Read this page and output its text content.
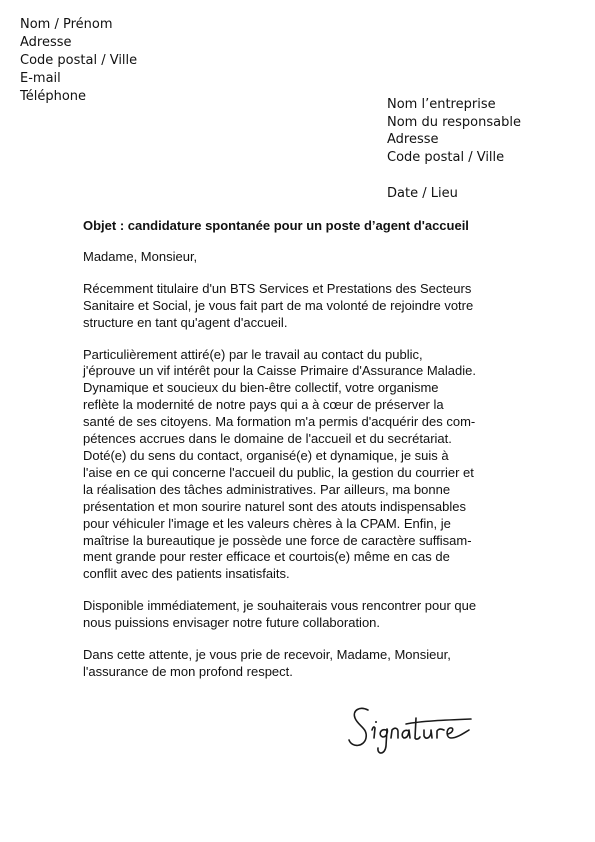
Nom / Prénom
Adresse
Code postal / Ville
E-mail
Téléphone
Nom l’entreprise
Nom du responsable
Adresse
Code postal / Ville
Date / Lieu
Objet : candidature spontanée pour un poste d’agent d'accueil
Madame, Monsieur,
Récemment titulaire d'un BTS Services et Prestations des Secteurs
Sanitaire et Social, je vous fait part de ma volonté de rejoindre votre
structure en tant qu'agent d'accueil.
Particulièrement attiré(e) par le travail au contact du public,
j'éprouve un vif intérêt pour la Caisse Primaire d'Assurance Maladie.
Dynamique et soucieux du bien-être collectif, votre organisme
reflète la modernité de notre pays qui a à cœur de préserver la
santé de ses citoyens. Ma formation m'a permis d'acquérir des com-
pétences accrues dans le domaine de l'accueil et du secrétariat.
Doté(e) du sens du contact, organisé(e) et dynamique, je suis à
l'aise en ce qui concerne l'accueil du public, la gestion du courrier et
la réalisation des tâches administratives. Par ailleurs, ma bonne
présentation et mon sourire naturel sont des atouts indispensables
pour véhiculer l'image et les valeurs chères à la CPAM. Enfin, je
maîtrise la bureautique je possède une force de caractère suffisam-
ment grande pour rester efficace et courtois(e) même en cas de
conflit avec des patients insatisfaits.
Disponible immédiatement, je souhaiterais vous rencontrer pour que
nous puissions envisager notre future collaboration.
Dans cette attente, je vous prie de recevoir, Madame, Monsieur,
l'assurance de mon profond respect.
